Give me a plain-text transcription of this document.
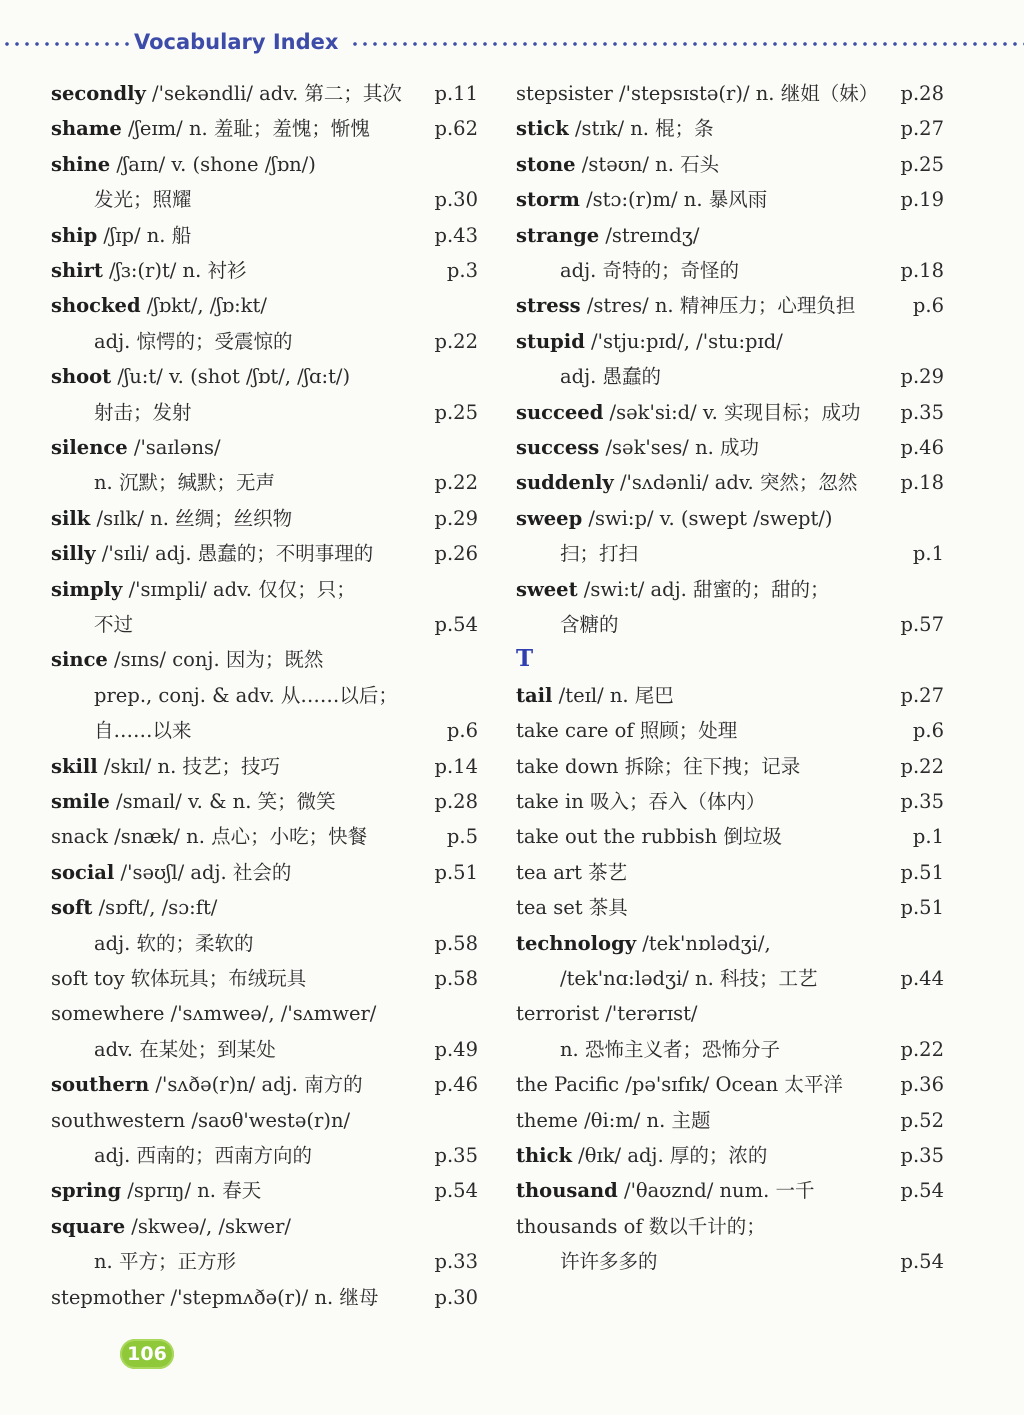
Vocabulary Index
secondly /'sekəndli/ adv. 第二；其次 p.11
shame /ʃeɪm/ n. 羞耻；羞愧；惭愧	p.62
shine /ʃaɪn/ v. (shone /ʃɒn/)
发光；照耀	p.30
ship /ʃɪp/ n. 船	p.43
shirt /ʃɜ:(r)t/ n. 衬衫	p.3
shocked /ʃɒkt/, /ʃɒ:kt/
adj. 惊愕的；受震惊的	p.22
shoot /ʃu:t/ v. (shot /ʃɒt/, /ʃɑ:t/)
射击；发射	p.25
silence /'saɪləns/
n. 沉默；缄默；无声	p.22
silk /sɪlk/ n. 丝绸；丝织物	p.29
silly /'sɪli/ adj. 愚蠢的；不明事理的	p.26
simply /'sɪmpli/ adv. 仅仅；只；
不过	p.54
since /sɪns/ conj. 因为；既然
prep., conj. & adv. 从……以后；
自……以来	p.6
skill /skɪl/ n. 技艺；技巧	p.14
smile /smaɪl/ v. & n. 笑；微笑	p.28
snack /snæk/ n. 点心；小吃；快餐	p.5
social /'səʊʃl/ adj. 社会的	p.51
soft /sɒft/, /sɔ:ft/
adj. 软的；柔软的	p.58
soft toy 软体玩具；布绒玩具	p.58
somewhere /'sʌmweə/, /'sʌmwer/
adv. 在某处；到某处	p.49
southern /'sʌðə(r)n/ adj. 南方的	p.46
southwestern /saʊθ'westə(r)n/
adj. 西南的；西南方向的	p.35
spring /sprɪŋ/ n. 春天	p.54
square /skweə/, /skwer/
n. 平方；正方形	p.33
stepmother /'stepmʌðə(r)/ n. 继母	p.30
stepsister /'stepsɪstə(r)/ n. 继姐（妹） p.28
stick /stɪk/ n. 棍；条	p.27
stone /stəʊn/ n. 石头	p.25
storm /stɔ:(r)m/ n. 暴风雨	p.19
strange /streɪndʒ/
adj. 奇特的；奇怪的	p.18
stress /stres/ n. 精神压力；心理负担	p.6
stupid /'stju:pɪd/, /'stu:pɪd/
adj. 愚蠢的	p.29
succeed /sək'si:d/ v. 实现目标；成功 p.35
success /sək'ses/ n. 成功	p.46
suddenly /'sʌdənli/ adv. 突然；忽然 p.18
sweep /swi:p/ v. (swept /swept/)
扫；打扫	p.1
sweet /swi:t/ adj. 甜蜜的；甜的；
含糖的	p.57
T
tail /teɪl/ n. 尾巴	p.27
take care of 照顾；处理	p.6
take down 拆除；往下拽；记录	p.22
take in 吸入；吞入（体内）	p.35
take out the rubbish 倒垃圾	p.1
tea art 茶艺	p.51
tea set 茶具	p.51
technology /tek'nɒlədʒi/,
/tek'nɑ:lədʒi/ n. 科技；工艺	p.44
terrorist /'terərɪst/
n. 恐怖主义者；恐怖分子	p.22
the Pacific /pə'sɪfɪk/ Ocean 太平洋	p.36
theme /θi:m/ n. 主题	p.52
thick /θɪk/ adj. 厚的；浓的	p.35
thousand /'θaʊznd/ num. 一千	p.54
thousands of 数以千计的；
许许多多的	p.54
106
